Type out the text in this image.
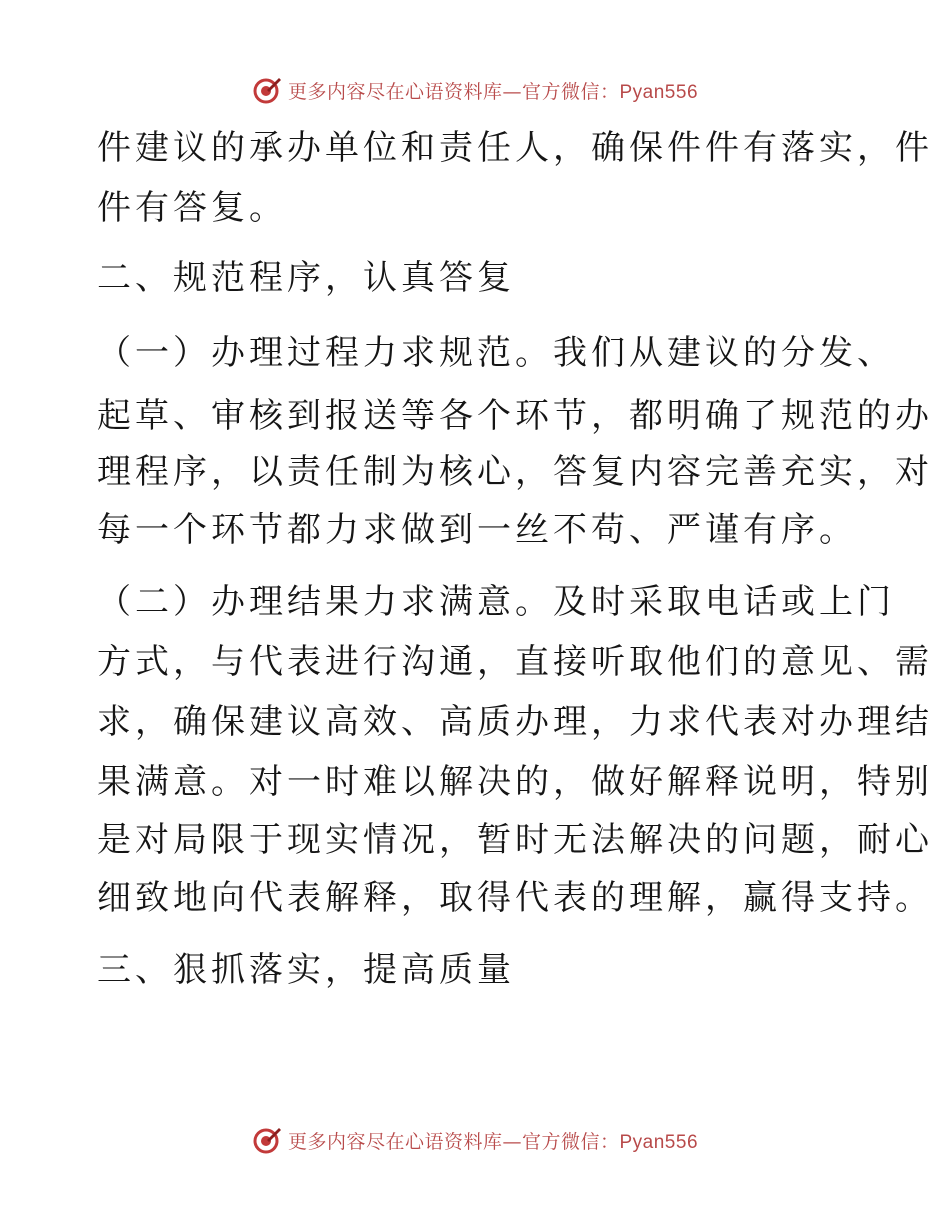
更多内容尽在心语资料库—官方微信：Pyan556
件建议的承办单位和责任人，确保件件有落实，件
件有答复。
二、规范程序，认真答复
（一）办理过程力求规范。我们从建议的分发、
起草、审核到报送等各个环节，都明确了规范的办
理程序，以责任制为核心，答复内容完善充实，对
每一个环节都力求做到一丝不苟、严谨有序。
（二）办理结果力求满意。及时采取电话或上门
方式，与代表进行沟通，直接听取他们的意见、需
求，确保建议高效、高质办理，力求代表对办理结
果满意。对一时难以解决的，做好解释说明，特别
是对局限于现实情况，暂时无法解决的问题，耐心
细致地向代表解释，取得代表的理解，赢得支持。
三、狠抓落实，提高质量
更多内容尽在心语资料库—官方微信：Pyan556
